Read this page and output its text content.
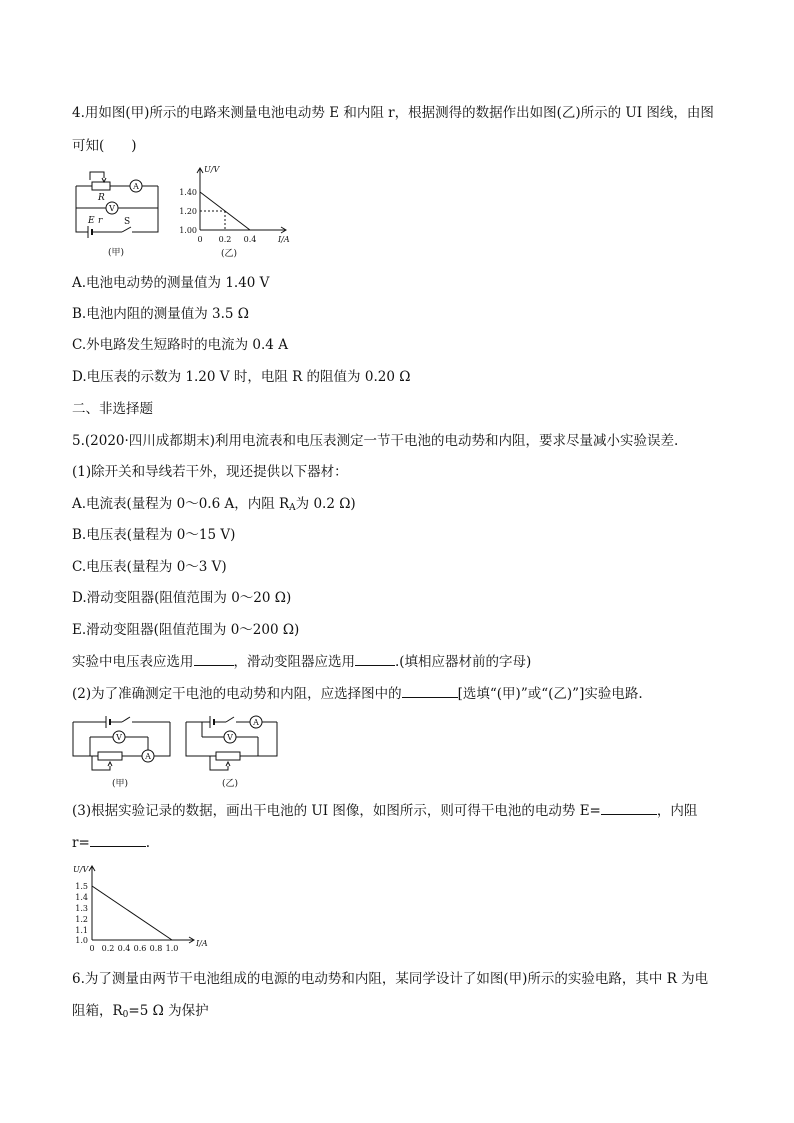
4.用如图(甲)所示的电路来测量电池电动势 E 和内阻 r，根据测得的数据作出如图(乙)所示的 UI 图线，由图
可知(　　)
A
V
R
E r S
(甲)
U/V
I/A
1.40
1.20
1.00
0 0.2 0.4
(乙)
A.电池电动势的测量值为 1.40 V
B.电池内阻的测量值为 3.5 Ω
C.外电路发生短路时的电流为 0.4 A
D.电压表的示数为 1.20 V 时，电阻 R 的阻值为 0.20 Ω
二、非选择题
5.(2020·四川成都期末)利用电流表和电压表测定一节干电池的电动势和内阻，要求尽量减小实验误差.
(1)除开关和导线若干外，现还提供以下器材：
A.电流表(量程为 0～0.6 A，内阻 $R_A$为 0.2 Ω)
B.电压表(量程为 0～15 V)
C.电压表(量程为 0～3 V)
D.滑动变阻器(阻值范围为 0～20 Ω)
E.滑动变阻器(阻值范围为 0～200 Ω)
实验中电压表应选用	，滑动变阻器应选用	.(填相应器材前的字母)
(2)为了准确测定干电池的电动势和内阻，应选择图中的	[选填“(甲)”或“(乙)”]实验电路.
V
A
A
V
(甲)	(乙)
(3)根据实验记录的数据，画出干电池的 UI 图像，如图所示，则可得干电池的电动势 E=	，内阻
r=	.
U/V
I/A
1.5
1.4
1.3
1.2
1.1
1.0
0 0.2 0.4 0.6 0.8 1.0
6.为了测量由两节干电池组成的电源的电动势和内阻，某同学设计了如图(甲)所示的实验电路，其中 R 为电
阻箱，$R_0=5$ Ω 为保护
